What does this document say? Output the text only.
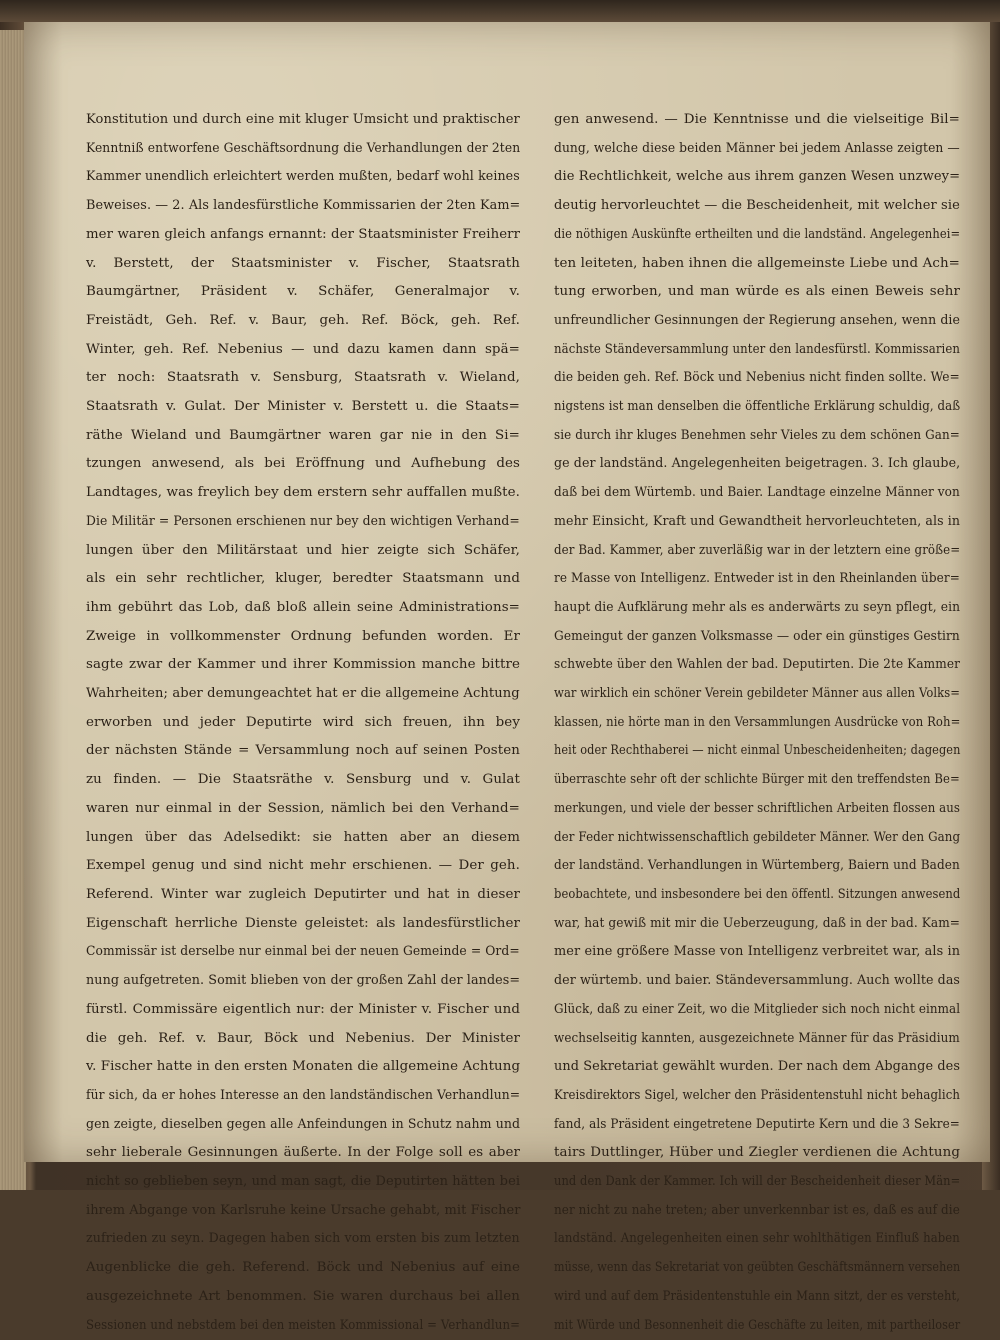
Konstitution und durch eine mit kluger Umsicht und praktischer
Kenntniß entworfene Geschäftsordnung die Verhandlungen der 2ten
Kammer unendlich erleichtert werden mußten, bedarf wohl keines
Beweises. — 2. Als landesfürstliche Kommissarien der 2ten Kam=
mer waren gleich anfangs ernannt: der Staatsminister Freiherr
v. Berstett, der Staatsminister v. Fischer, Staatsrath
Baumgärtner, Präsident v. Schäfer, Generalmajor v.
Freistädt, Geh. Ref. v. Baur, geh. Ref. Böck, geh. Ref.
Winter, geh. Ref. Nebenius — und dazu kamen dann spä=
ter noch: Staatsrath v. Sensburg, Staatsrath v. Wieland,
Staatsrath v. Gulat. Der Minister v. Berstett u. die Staats=
räthe Wieland und Baumgärtner waren gar nie in den Si=
tzungen anwesend, als bei Eröffnung und Aufhebung des
Landtages, was freylich bey dem erstern sehr auffallen mußte.
Die Militär = Personen erschienen nur bey den wichtigen Verhand=
lungen über den Militärstaat und hier zeigte sich Schäfer,
als ein sehr rechtlicher, kluger, beredter Staatsmann und
ihm gebührt das Lob, daß bloß allein seine Administrations=
Zweige in vollkommenster Ordnung befunden worden. Er
sagte zwar der Kammer und ihrer Kommission manche bittre
Wahrheiten; aber demungeachtet hat er die allgemeine Achtung
erworben und jeder Deputirte wird sich freuen, ihn bey
der nächsten Stände = Versammlung noch auf seinen Posten
zu finden. — Die Staatsräthe v. Sensburg und v. Gulat
waren nur einmal in der Session, nämlich bei den Verhand=
lungen über das Adelsedikt: sie hatten aber an diesem
Exempel genug und sind nicht mehr erschienen. — Der geh.
Referend. Winter war zugleich Deputirter und hat in dieser
Eigenschaft herrliche Dienste geleistet: als landesfürstlicher
Commissär ist derselbe nur einmal bei der neuen Gemeinde = Ord=
nung aufgetreten. Somit blieben von der großen Zahl der landes=
fürstl. Commissäre eigentlich nur: der Minister v. Fischer und
die geh. Ref. v. Baur, Böck und Nebenius. Der Minister
v. Fischer hatte in den ersten Monaten die allgemeine Achtung
für sich, da er hohes Interesse an den landständischen Verhandlun=
gen zeigte, dieselben gegen alle Anfeindungen in Schutz nahm und
sehr lieberale Gesinnungen äußerte. In der Folge soll es aber
nicht so geblieben seyn, und man sagt, die Deputirten hätten bei
ihrem Abgange von Karlsruhe keine Ursache gehabt, mit Fischer
zufrieden zu seyn. Dagegen haben sich vom ersten bis zum letzten
Augenblicke die geh. Referend. Böck und Nebenius auf eine
ausgezeichnete Art benommen. Sie waren durchaus bei allen
Sessionen und nebstdem bei den meisten Kommissional = Verhandlun=
gen anwesend. — Die Kenntnisse und die vielseitige Bil=
dung, welche diese beiden Männer bei jedem Anlasse zeigten —
die Rechtlichkeit, welche aus ihrem ganzen Wesen unzwey=
deutig hervorleuchtet — die Bescheidenheit, mit welcher sie
die nöthigen Auskünfte ertheilten und die landständ. Angelegenhei=
ten leiteten, haben ihnen die allgemeinste Liebe und Ach=
tung erworben, und man würde es als einen Beweis sehr
unfreundlicher Gesinnungen der Regierung ansehen, wenn die
nächste Ständeversammlung unter den landesfürstl. Kommissarien
die beiden geh. Ref. Böck und Nebenius nicht finden sollte. We=
nigstens ist man denselben die öffentliche Erklärung schuldig, daß
sie durch ihr kluges Benehmen sehr Vieles zu dem schönen Gan=
ge der landständ. Angelegenheiten beigetragen. 3. Ich glaube,
daß bei dem Würtemb. und Baier. Landtage einzelne Männer von
mehr Einsicht, Kraft und Gewandtheit hervorleuchteten, als in
der Bad. Kammer, aber zuverläßig war in der letztern eine größe=
re Masse von Intelligenz. Entweder ist in den Rheinlanden über=
haupt die Aufklärung mehr als es anderwärts zu seyn pflegt, ein
Gemeingut der ganzen Volksmasse — oder ein günstiges Gestirn
schwebte über den Wahlen der bad. Deputirten. Die 2te Kammer
war wirklich ein schöner Verein gebildeter Männer aus allen Volks=
klassen, nie hörte man in den Versammlungen Ausdrücke von Roh=
heit oder Rechthaberei — nicht einmal Unbescheidenheiten; dagegen
überraschte sehr oft der schlichte Bürger mit den treffendsten Be=
merkungen, und viele der besser schriftlichen Arbeiten flossen aus
der Feder nichtwissenschaftlich gebildeter Männer. Wer den Gang
der landständ. Verhandlungen in Würtemberg, Baiern und Baden
beobachtete, und insbesondere bei den öffentl. Sitzungen anwesend
war, hat gewiß mit mir die Ueberzeugung, daß in der bad. Kam=
mer eine größere Masse von Intelligenz verbreitet war, als in
der würtemb. und baier. Ständeversammlung. Auch wollte das
Glück, daß zu einer Zeit, wo die Mitglieder sich noch nicht einmal
wechselseitig kannten, ausgezeichnete Männer für das Präsidium
und Sekretariat gewählt wurden. Der nach dem Abgange des
Kreisdirektors Sigel, welcher den Präsidentenstuhl nicht behaglich
fand, als Präsident eingetretene Deputirte Kern und die 3 Sekre=
tairs Duttlinger, Hüber und Ziegler verdienen die Achtung
und den Dank der Kammer. Ich will der Bescheidenheit dieser Män=
ner nicht zu nahe treten; aber unverkennbar ist es, daß es auf die
landständ. Angelegenheiten einen sehr wohlthätigen Einfluß haben
müsse, wenn das Sekretariat von geübten Geschäftsmännern versehen
wird und auf dem Präsidentenstuhle ein Mann sitzt, der es versteht,
mit Würde und Besonnenheit die Geschäfte zu leiten, mit partheiloser
